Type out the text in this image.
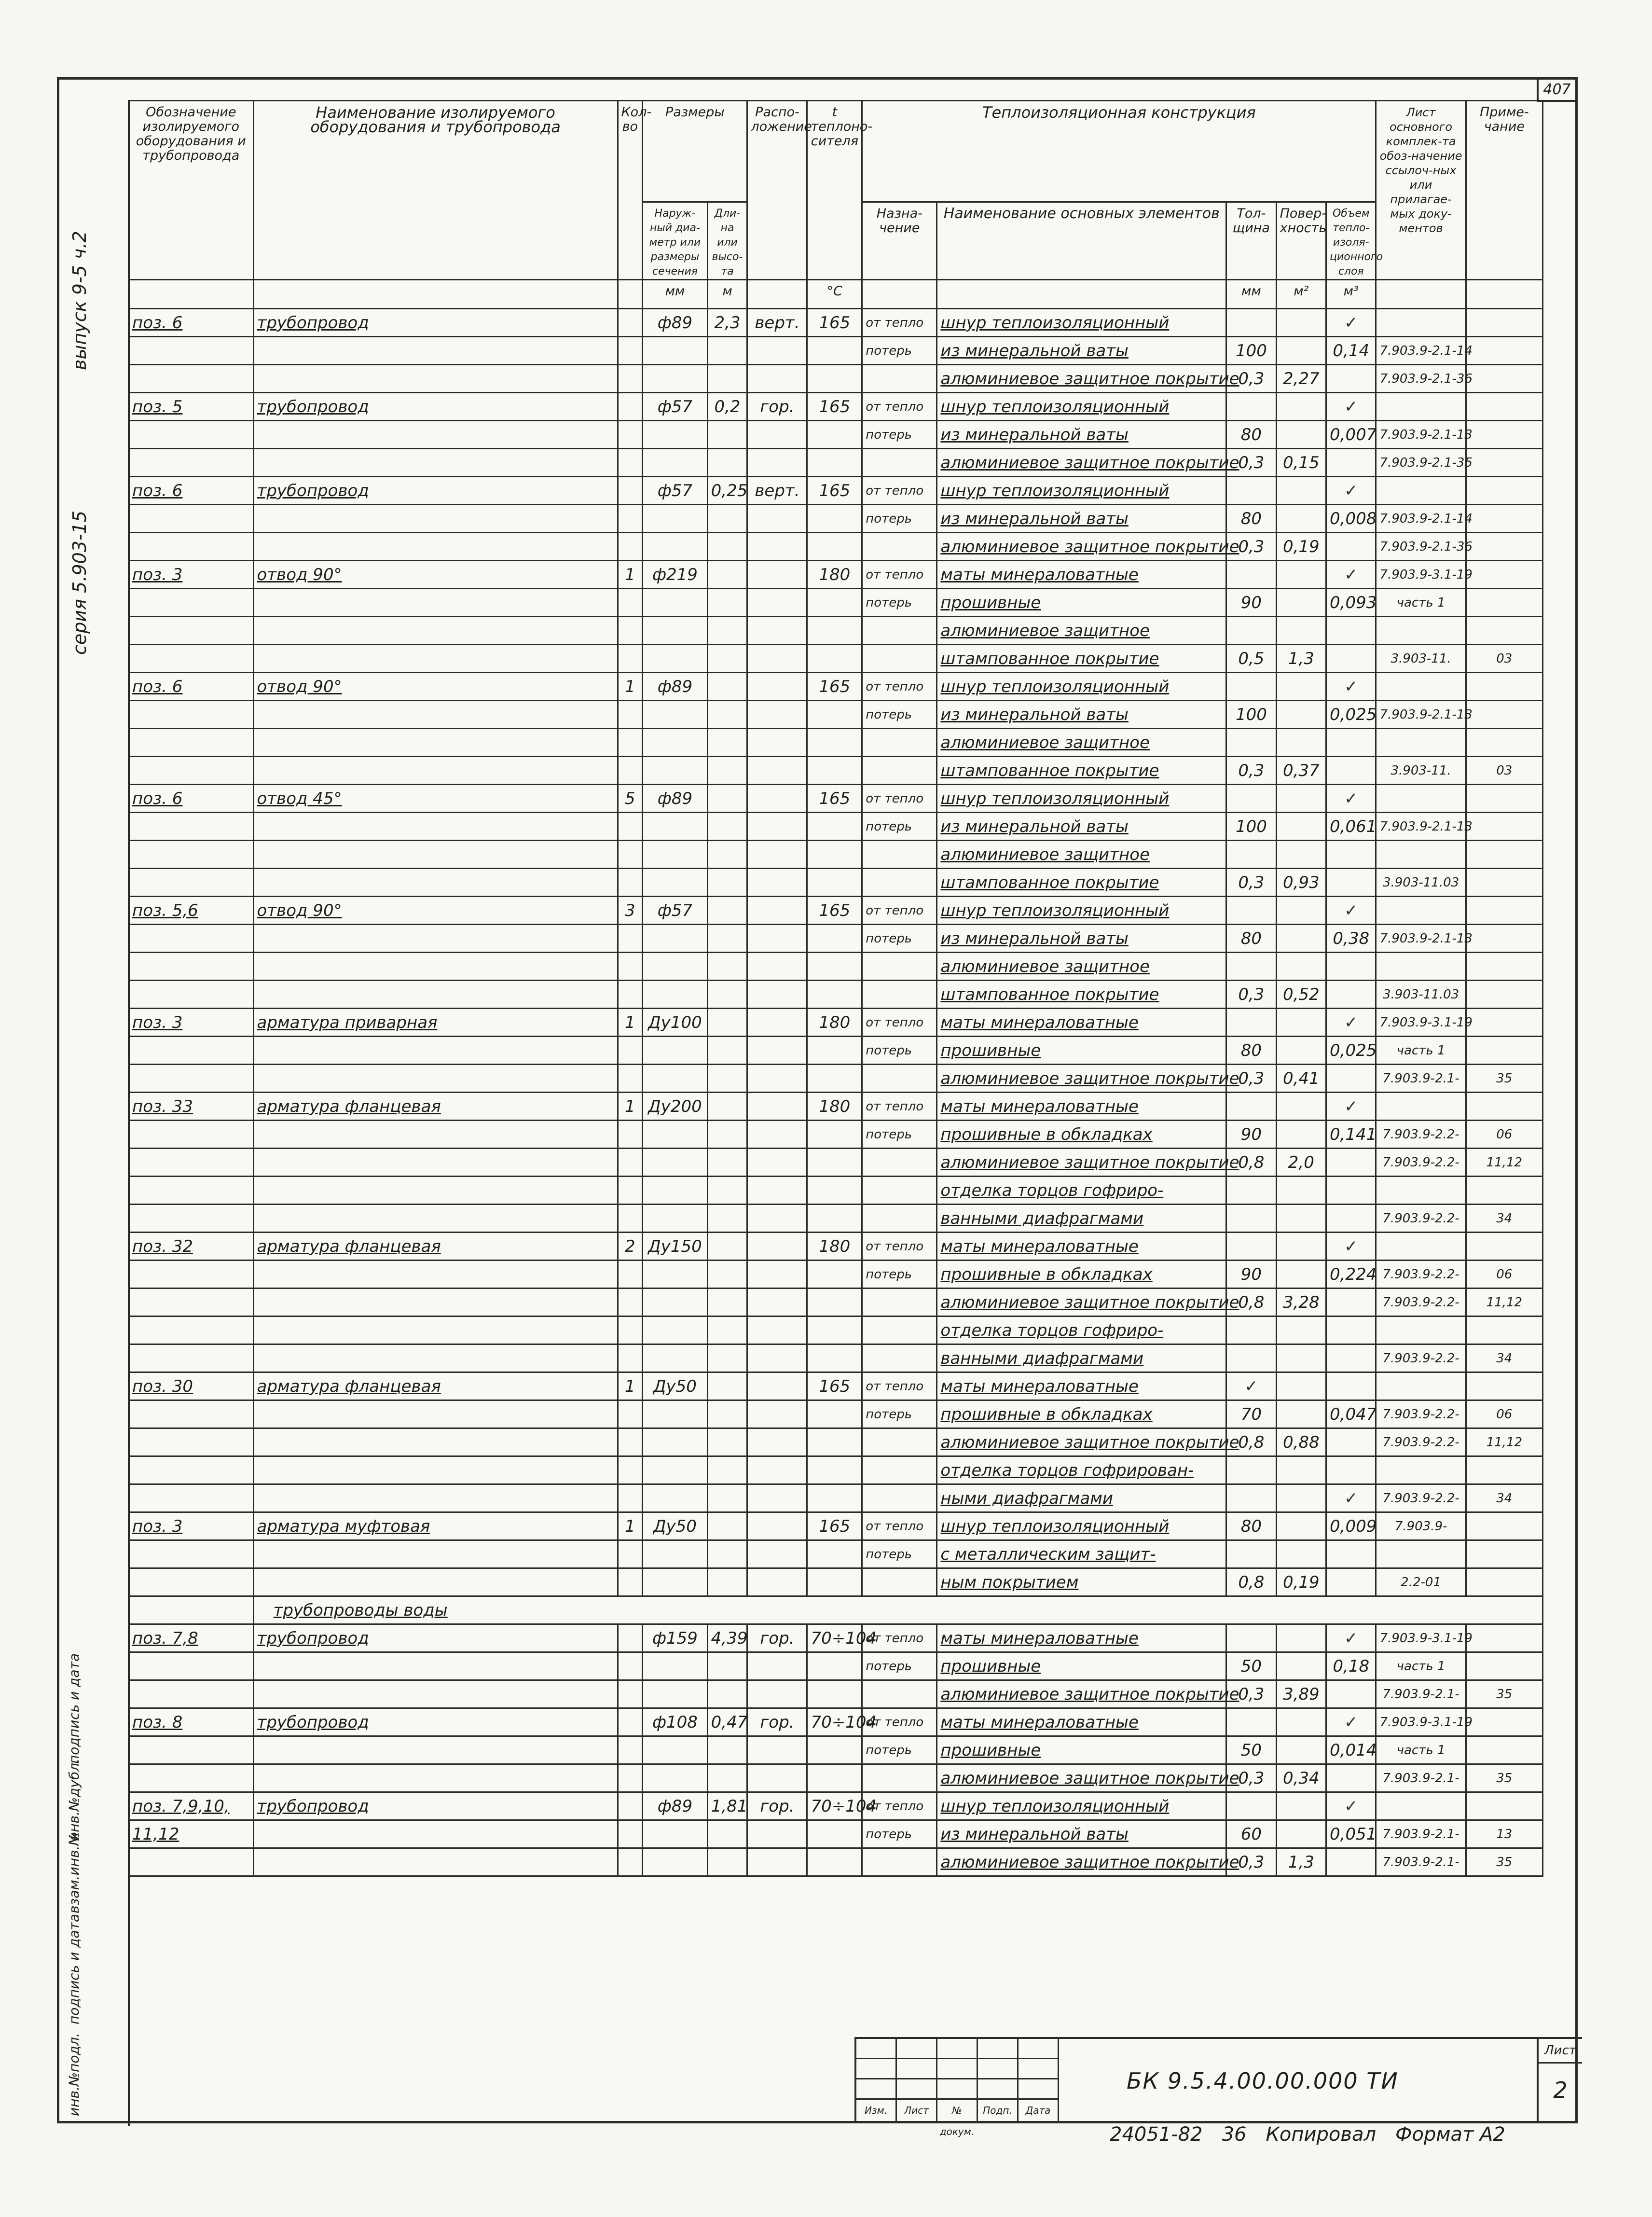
407
выпуск 9-5 ч.2
серия 5.903-15
Обозначение изолируемого оборудования и трубопровода	Наименование изолируемого оборудования и трубопровода	Кол-во	Размеры		Распо-ложение	t теплоно-сителя	Теплоизоляционная конструкция					Лист основного комплек-та обоз-начение ссылоч-ных или прилагае-мых доку-ментов	Приме-чание
			Наруж-ный диа-метр или размеры сечения	Дли-на или высо-та			Назна-чение	Наименование основных элементов	Тол-щина	Повер-хность	Объем тепло-изоля-ционного слоя		
			мм	м		°C			мм	м²	м³		
поз. 6	трубопровод		ф89	2,3	верт.	165	от тепло	шнур теплоизоляционный			✓		
							потерь	из минеральной ваты	100		0,14	7.903.9-2.1-14	
								алюминиевое защитное покрытие	0,3	2,27		7.903.9-2.1-36	
поз. 5	трубопровод		ф57	0,2	гор.	165	от тепло	шнур теплоизоляционный			✓		
							потерь	из минеральной ваты	80		0,007	7.903.9-2.1-13	
								алюминиевое защитное покрытие	0,3	0,15		7.903.9-2.1-35	
поз. 6	трубопровод		ф57	0,25	верт.	165	от тепло	шнур теплоизоляционный			✓		
							потерь	из минеральной ваты	80		0,008	7.903.9-2.1-14	
								алюминиевое защитное покрытие	0,3	0,19		7.903.9-2.1-36	
поз. 3	отвод 90°	1	ф219			180	от тепло	маты минераловатные			✓	7.903.9-3.1-19	
							потерь	прошивные	90		0,093	часть 1	
								алюминиевое защитное					
								штампованное покрытие	0,5	1,3		3.903-11.	03
поз. 6	отвод 90°	1	ф89			165	от тепло	шнур теплоизоляционный			✓		
							потерь	из минеральной ваты	100		0,025	7.903.9-2.1-13	
								алюминиевое защитное					
								штампованное покрытие	0,3	0,37		3.903-11.	03
поз. 6	отвод 45°	5	ф89			165	от тепло	шнур теплоизоляционный			✓		
							потерь	из минеральной ваты	100		0,061	7.903.9-2.1-13	
								алюминиевое защитное					
								штампованное покрытие	0,3	0,93		3.903-11.03	
поз. 5,6	отвод 90°	3	ф57			165	от тепло	шнур теплоизоляционный			✓		
							потерь	из минеральной ваты	80		0,38	7.903.9-2.1-13	
								алюминиевое защитное					
								штампованное покрытие	0,3	0,52		3.903-11.03	
поз. 3	арматура приварная	1	Ду100			180	от тепло	маты минераловатные			✓	7.903.9-3.1-19	
							потерь	прошивные	80		0,025	часть 1	
								алюминиевое защитное покрытие	0,3	0,41		7.903.9-2.1-	35
поз. 33	арматура фланцевая	1	Ду200			180	от тепло	маты минераловатные			✓		
							потерь	прошивные в обкладках	90		0,141	7.903.9-2.2-	06
								алюминиевое защитное покрытие	0,8	2,0		7.903.9-2.2-	11,12
								отделка торцов гофриро-					
								ванными диафрагмами				7.903.9-2.2-	34
поз. 32	арматура фланцевая	2	Ду150			180	от тепло	маты минераловатные			✓		
							потерь	прошивные в обкладках	90		0,224	7.903.9-2.2-	06
								алюминиевое защитное покрытие	0,8	3,28		7.903.9-2.2-	11,12
								отделка торцов гофриро-					
								ванными диафрагмами				7.903.9-2.2-	34
поз. 30	арматура фланцевая	1	Ду50			165	от тепло	маты минераловатные	✓				
							потерь	прошивные в обкладках	70		0,047	7.903.9-2.2-	06
								алюминиевое защитное покрытие	0,8	0,88		7.903.9-2.2-	11,12
								отделка торцов гофрирован-					
								ными диафрагмами			✓	7.903.9-2.2-	34
поз. 3	арматура муфтовая	1	Ду50			165	от тепло	шнур теплоизоляционный	80		0,009	7.903.9-	
							потерь	с металлическим защит-					
								ным покрытием	0,8	0,19		2.2-01	
	трубопроводы воды												
поз. 7,8	трубопровод		ф159	4,39	гор.	70÷104	от тепло	маты минераловатные			✓	7.903.9-3.1-19	
							потерь	прошивные	50		0,18	часть 1	
								алюминиевое защитное покрытие	0,3	3,89		7.903.9-2.1-	35
поз. 8	трубопровод		ф108	0,47	гор.	70÷104	от тепло	маты минераловатные			✓	7.903.9-3.1-19	
							потерь	прошивные	50		0,014	часть 1	
								алюминиевое защитное покрытие	0,3	0,34		7.903.9-2.1-	35
поз. 7,9,10,	трубопровод		ф89	1,81	гор.	70÷104	от тепло	шнур теплоизоляционный			✓		
11,12							потерь	из минеральной ваты	60		0,051	7.903.9-2.1-	13
								алюминиевое защитное покрытие	0,3	1,3		7.903.9-2.1-	35
инв.№подл.
подпись и дата
взам.инв.№
инв.№дубл.
подпись и дата
Изм.	Лист	№ докум.
Подп.	Дата
БК 9.5.4.00.00.000 ТИ
Лист
2
24051-82 36 Копировал Формат А2
